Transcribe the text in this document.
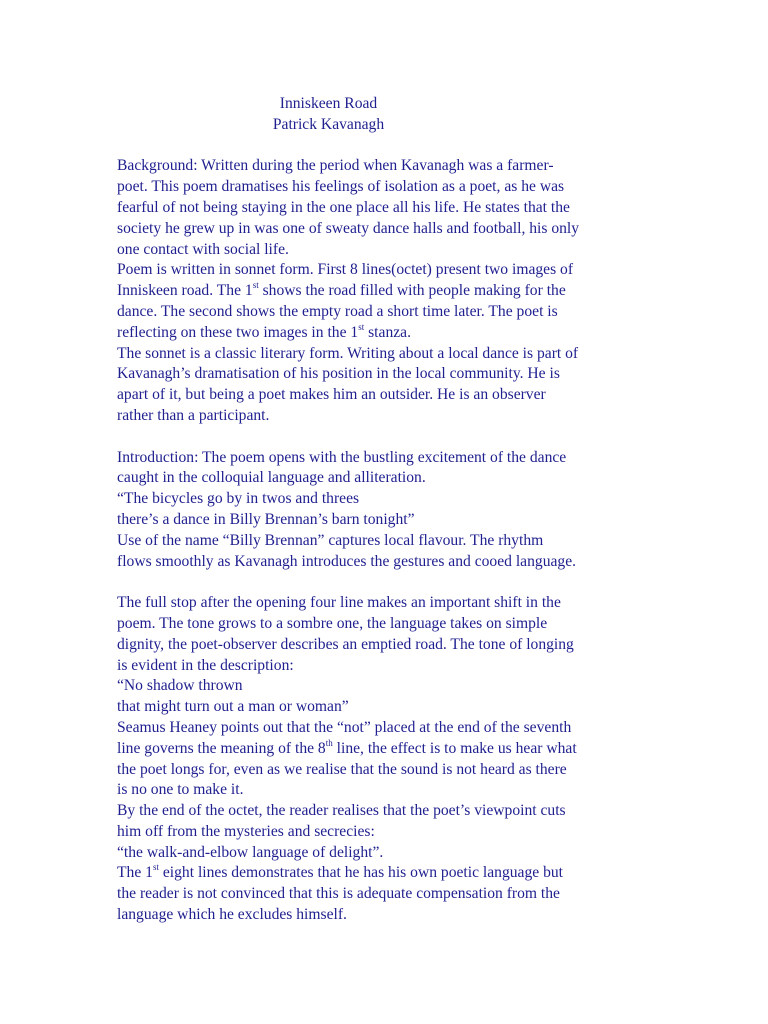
Inniskeen Road
Patrick Kavanagh
Background: Written during the period when Kavanagh was a farmer-
poet. This poem dramatises his feelings of isolation as a poet, as he was
fearful of not being staying in the one place all his life. He states that the
society he grew up in was one of sweaty dance halls and football, his only
one contact with social life.
Poem is written in sonnet form. First 8 lines(octet) present two images of
Inniskeen road. The 1st shows the road filled with people making for the
dance. The second shows the empty road a short time later. The poet is
reflecting on these two images in the 1st stanza.
The sonnet is a classic literary form. Writing about a local dance is part of
Kavanagh’s dramatisation of his position in the local community. He is
apart of it, but being a poet makes him an outsider. He is an observer
rather than a participant.
Introduction: The poem opens with the bustling excitement of the dance
caught in the colloquial language and alliteration.
“The bicycles go by in twos and threes
there’s a dance in Billy Brennan’s barn tonight”
Use of the name “Billy Brennan” captures local flavour. The rhythm
flows smoothly as Kavanagh introduces the gestures and cooed language.
The full stop after the opening four line makes an important shift in the
poem. The tone grows to a sombre one, the language takes on simple
dignity, the poet-observer describes an emptied road. The tone of longing
is evident in the description:
“No shadow thrown
that might turn out a man or woman”
Seamus Heaney points out that the “not” placed at the end of the seventh
line governs the meaning of the 8th line, the effect is to make us hear what
the poet longs for, even as we realise that the sound is not heard as there
is no one to make it.
By the end of the octet, the reader realises that the poet’s viewpoint cuts
him off from the mysteries and secrecies:
“the walk-and-elbow language of delight”.
The 1st eight lines demonstrates that he has his own poetic language but
the reader is not convinced that this is adequate compensation from the
language which he excludes himself.
